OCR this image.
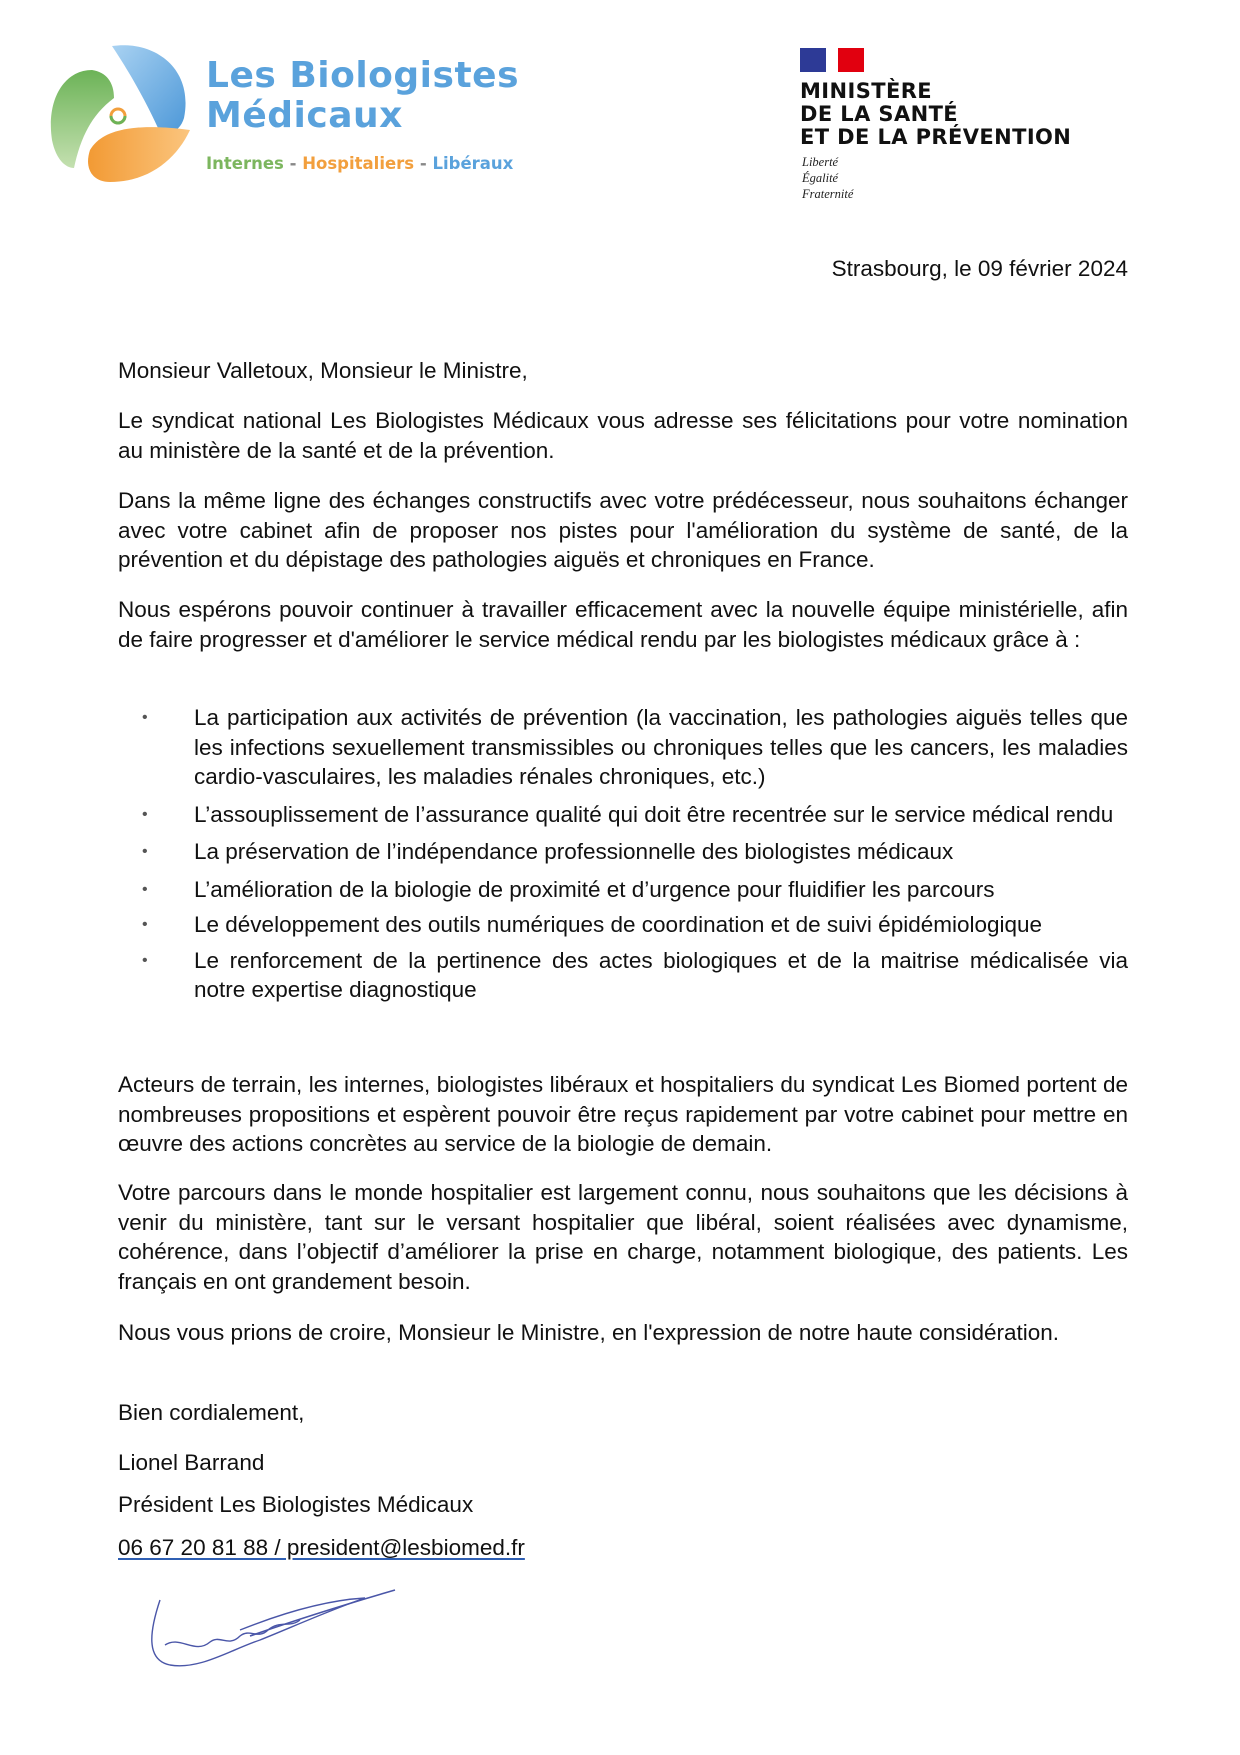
Les Biologistes
Médicaux
Internes - Hospitaliers - Libéraux
MINISTÈRE
DE LA SANTÉ
ET DE LA PRÉVENTION
Liberté
Égalité
Fraternité
Strasbourg, le 09 février 2024
Monsieur Valletoux, Monsieur le Ministre,

Le syndicat national Les Biologistes Médicaux vous adresse ses félicitations pour votre nomination au ministère de la santé et de la prévention.

Dans la même ligne des échanges constructifs avec votre prédécesseur, nous souhaitons échanger avec votre cabinet afin de proposer nos pistes pour l'amélioration du système de santé, de la prévention et du dépistage des pathologies aiguës et chroniques en France.

Nous espérons pouvoir continuer à travailler efficacement avec la nouvelle équipe ministérielle, afin de faire progresser et d'améliorer le service médical rendu par les biologistes médicaux grâce à :

• La participation aux activités de prévention (la vaccination, les pathologies aiguës telles que les infections sexuellement transmissibles ou chroniques telles que les cancers, les maladies cardio-vasculaires, les maladies rénales chroniques, etc.)
• L’assouplissement de l’assurance qualité qui doit être recentrée sur le service médical rendu
• La préservation de l’indépendance professionnelle des biologistes médicaux
• L’amélioration de la biologie de proximité et d’urgence pour fluidifier les parcours
• Le développement des outils numériques de coordination et de suivi épidémiologique
• Le renforcement de la pertinence des actes biologiques et de la maitrise médicalisée via notre expertise diagnostique

Acteurs de terrain, les internes, biologistes libéraux et hospitaliers du syndicat Les Biomed portent de nombreuses propositions et espèrent pouvoir être reçus rapidement par votre cabinet pour mettre en œuvre des actions concrètes au service de la biologie de demain.

Votre parcours dans le monde hospitalier est largement connu, nous souhaitons que les décisions à venir du ministère, tant sur le versant hospitalier que libéral, soient réalisées avec dynamisme, cohérence, dans l’objectif d’améliorer la prise en charge, notamment biologique, des patients. Les français en ont grandement besoin.

Nous vous prions de croire, Monsieur le Ministre, en l'expression de notre haute considération.

Bien cordialement,
Lionel Barrand
Président Les Biologistes Médicaux
06 67 20 81 88 / president@lesbiomed.fr
